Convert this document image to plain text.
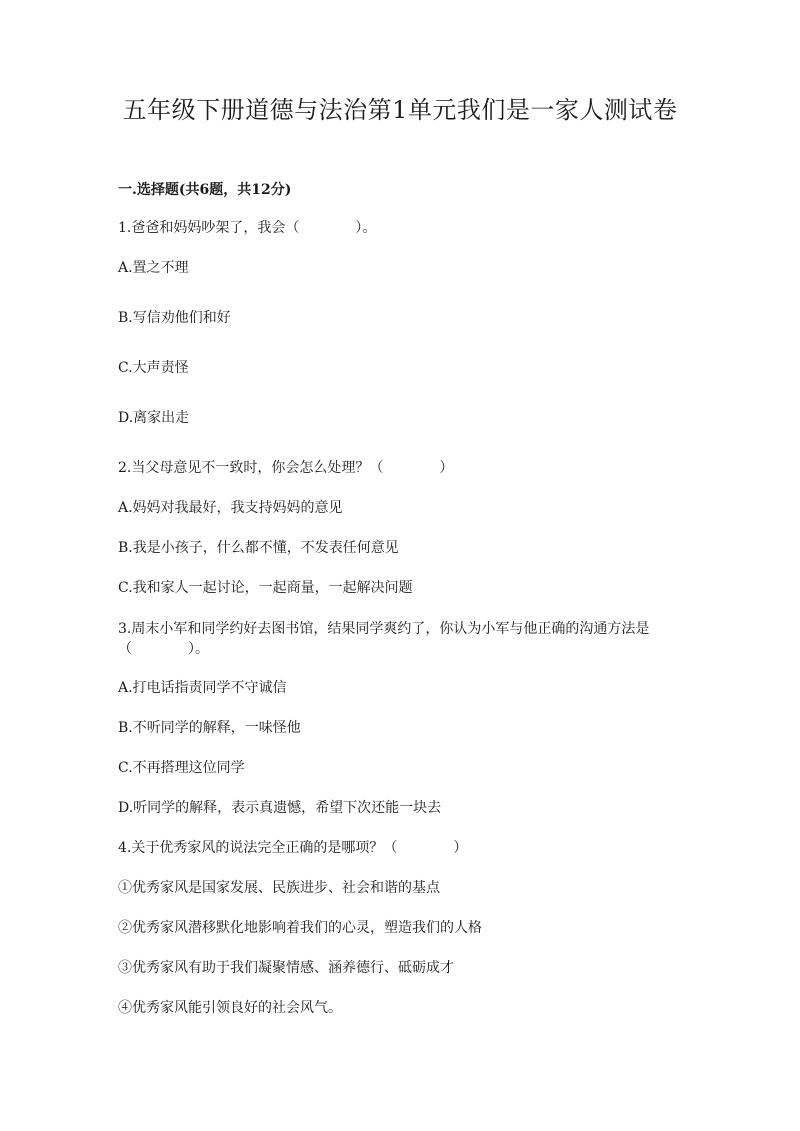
五年级下册道德与法治第1单元我们是一家人测试卷
一.选择题(共6题，共12分)
1.爸爸和妈妈吵架了，我会（　　　　）。
A.置之不理
B.写信劝他们和好
C.大声责怪
D.离家出走
2.当父母意见不一致时，你会怎么处理？（　　　　）
A.妈妈对我最好，我支持妈妈的意见
B.我是小孩子，什么都不懂，不发表任何意见
C.我和家人一起讨论，一起商量，一起解决问题
3.周末小军和同学约好去图书馆，结果同学爽约了，你认为小军与他正确的沟通方法是（　　　　）。
A.打电话指责同学不守诚信
B.不听同学的解释，一味怪他
C.不再搭理这位同学
D.听同学的解释，表示真遗憾，希望下次还能一块去
4.关于优秀家风的说法完全正确的是哪项？（　　　　）
①优秀家风是国家发展、民族进步、社会和谐的基点
②优秀家风潜移默化地影响着我们的心灵，塑造我们的人格
③优秀家风有助于我们凝聚情感、涵养德行、砥砺成才
④优秀家风能引领良好的社会风气。
